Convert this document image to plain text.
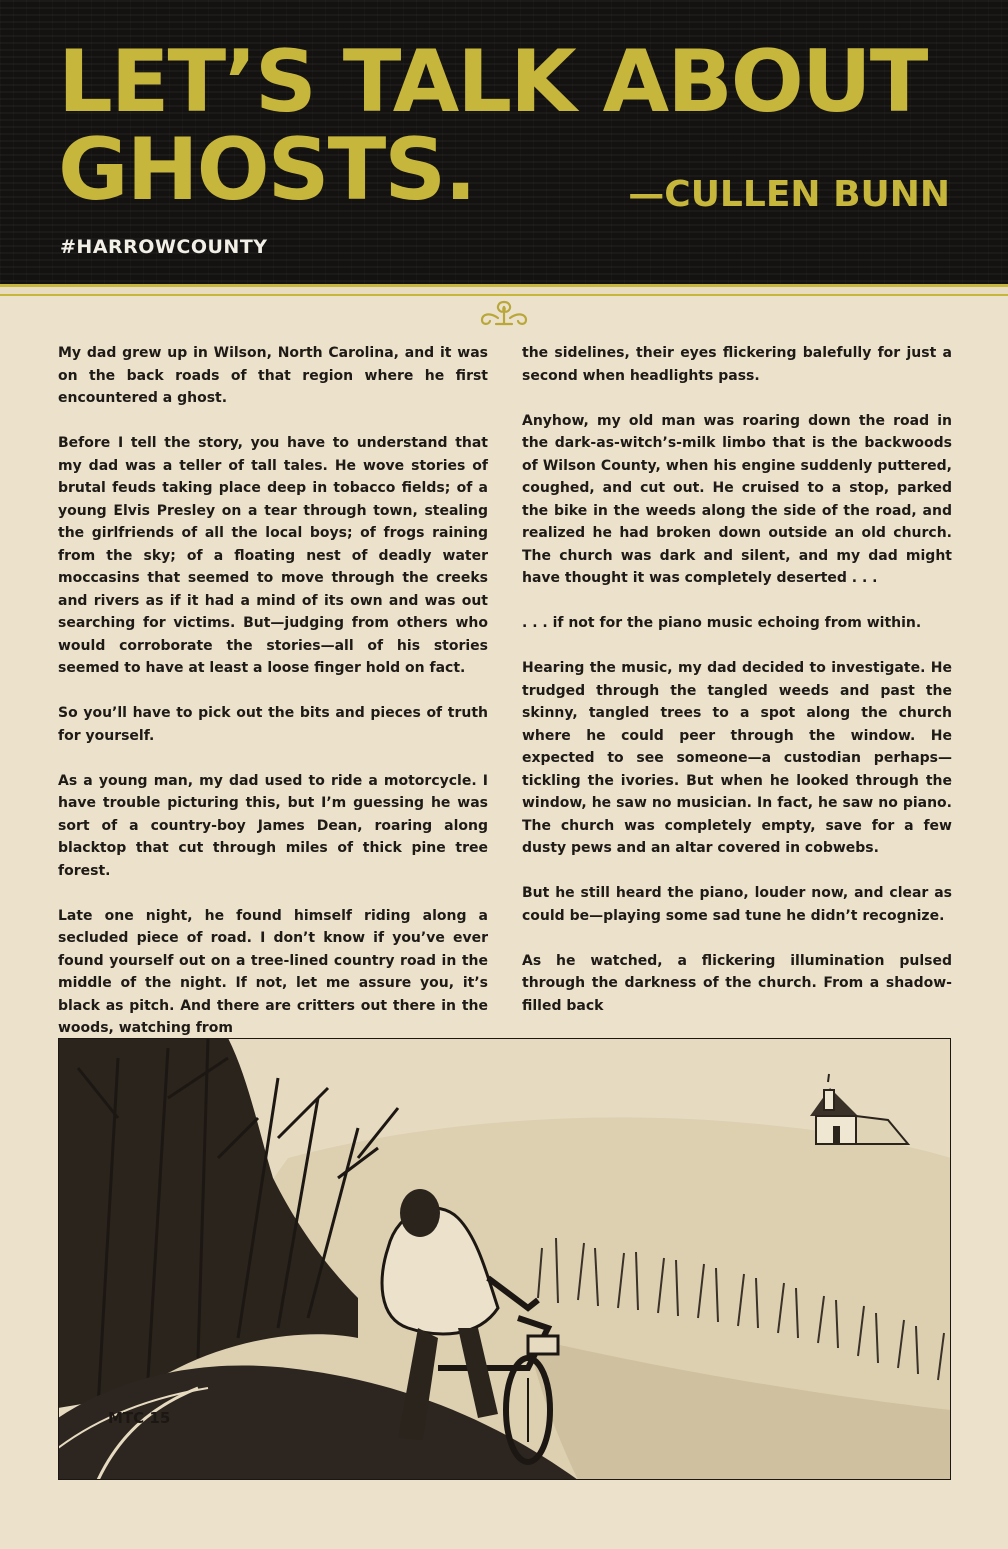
LET’S TALK ABOUT
GHOSTS.	—CULLEN BUNN
#HARROWCOUNTY

My dad grew up in Wilson, North Carolina, and it was on the back roads of that region where he first encountered a ghost.

Before I tell the story, you have to understand that my dad was a teller of tall tales. He wove stories of brutal feuds taking place deep in tobacco fields; of a young Elvis Presley on a tear through town, stealing the girlfriends of all the local boys; of frogs raining from the sky; of a floating nest of deadly water moccasins that seemed to move through the creeks and rivers as if it had a mind of its own and was out searching for victims. But—judging from others who would corroborate the stories—all of his stories seemed to have at least a loose finger hold on fact.

So you’ll have to pick out the bits and pieces of truth for yourself.

As a young man, my dad used to ride a motorcycle. I have trouble picturing this, but I’m guessing he was sort of a country-boy James Dean, roaring along blacktop that cut through miles of thick pine tree forest.

Late one night, he found himself riding along a secluded piece of road. I don’t know if you’ve ever found yourself out on a tree-lined country road in the middle of the night. If not, let me assure you, it’s black as pitch. And there are critters out there in the woods, watching from

the sidelines, their eyes flickering balefully for just a second when headlights pass.

Anyhow, my old man was roaring down the road in the dark-as-witch’s-milk limbo that is the backwoods of Wilson County, when his engine suddenly puttered, coughed, and cut out. He cruised to a stop, parked the bike in the weeds along the side of the road, and realized he had broken down outside an old church. The church was dark and silent, and my dad might have thought it was completely deserted . . .

. . . if not for the piano music echoing from within.

Hearing the music, my dad decided to investigate. He trudged through the tangled weeds and past the skinny, tangled trees to a spot along the church where he could peer through the window. He expected to see someone—a custodian perhaps—tickling the ivories. But when he looked through the window, he saw no musician. In fact, he saw no piano. The church was completely empty, save for a few dusty pews and an altar covered in cobwebs.

But he still heard the piano, louder now, and clear as could be—playing some sad tune he didn’t recognize.

As he watched, a flickering illumination pulsed through the darkness of the church. From a shadow-filled back

MTC 15
